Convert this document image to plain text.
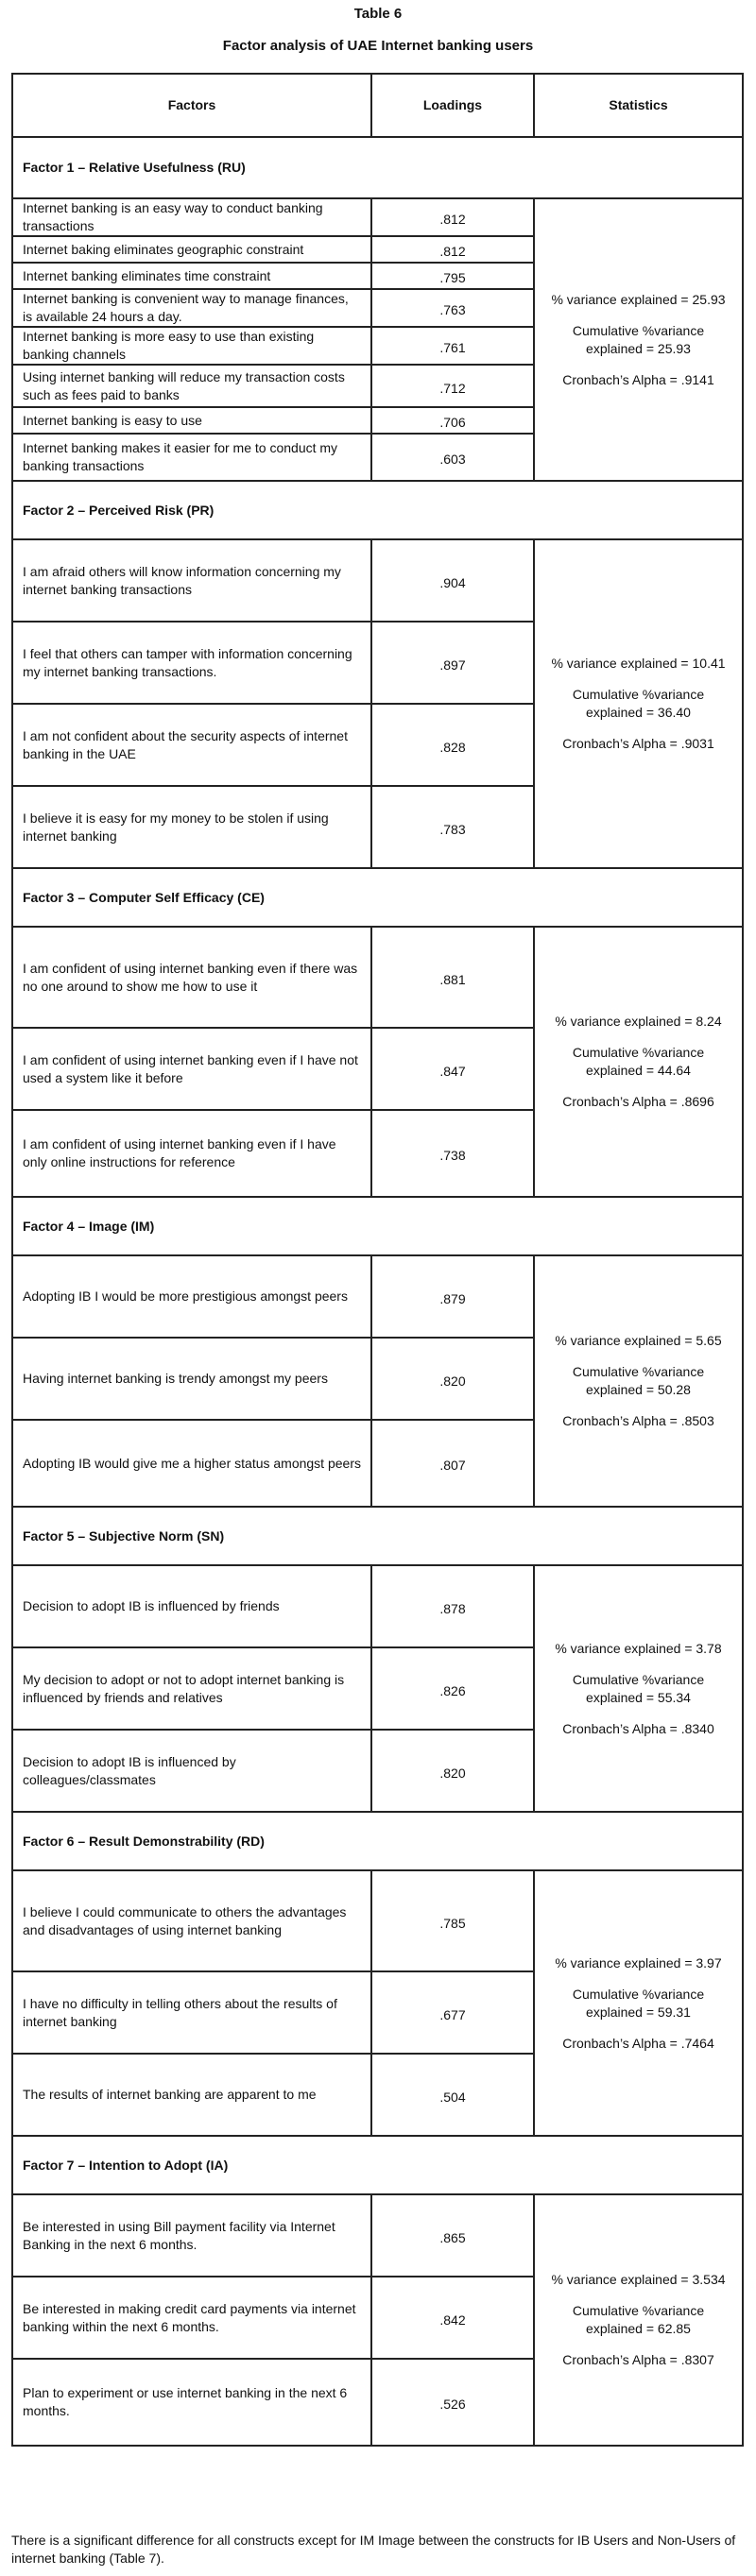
Table 6
Factor analysis of UAE Internet banking users
Factors	Loadings	Statistics
Factor 1 – Relative Usefulness (RU)		
Internet banking is an easy way to conduct banking transactions	.812	% variance explained = 25.93

Cumulative %variance explained = 25.93

Cronbach’s Alpha = .9141

Internet baking eliminates geographic constraint	.812	
Internet banking eliminates time constraint	.795	
Internet banking is convenient way to manage finances, is available 24 hours a day.	.763	
Internet banking is more easy to use than existing banking channels	.761	
Using internet banking will reduce my transaction costs such as fees paid to banks	.712	
Internet banking is easy to use	.706	
Internet banking makes it easier for me to conduct my banking transactions	.603	
Factor 2 – Perceived Risk (PR)		
I am afraid others will know information concerning my internet banking transactions	.904	% variance explained = 10.41

Cumulative %variance explained = 36.40

Cronbach’s Alpha = .9031

I feel that others can tamper with information concerning my internet banking transactions.	.897	
I am not confident about the security aspects of internet banking in the UAE	.828	
I believe it is easy for my money to be stolen if using internet banking	.783	
Factor 3 – Computer Self Efficacy (CE)		
I am confident of using internet banking even if there was no one around to show me how to use it	.881	% variance explained = 8.24

Cumulative %variance explained = 44.64

Cronbach’s Alpha = .8696

I am confident of using internet banking even if I have not used a system like it before	.847	
I am confident of using internet banking even if I have only online instructions for reference	.738	
Factor 4 – Image (IM)		
Adopting IB I would be more prestigious amongst peers	.879	% variance explained = 5.65

Cumulative %variance explained = 50.28

Cronbach’s Alpha = .8503

Having internet banking is trendy amongst my peers	.820	
Adopting IB would give me a higher status amongst peers	.807	
Factor 5 – Subjective Norm (SN)		
Decision to adopt IB is influenced by friends	.878	% variance explained = 3.78

Cumulative %variance explained = 55.34

Cronbach’s Alpha = .8340

My decision to adopt or not to adopt internet banking is influenced by friends and relatives	.826	
Decision to adopt IB is influenced by colleagues/classmates	.820	
Factor 6 – Result Demonstrability (RD)		
I believe I could communicate to others the advantages and disadvantages of using internet banking	.785	% variance explained = 3.97

Cumulative %variance explained = 59.31

Cronbach’s Alpha = .7464

I have no difficulty in telling others about the results of internet banking	.677	
The results of internet banking are apparent to me	.504	
Factor 7 – Intention to Adopt (IA)		
Be interested in using Bill payment facility via Internet Banking in the next 6 months.	.865	% variance explained = 3.534

Cumulative %variance explained = 62.85

Cronbach’s Alpha = .8307

Be interested in making credit card payments via internet banking within the next 6 months.	.842	
Plan to experiment or use internet banking in the next 6 months.	.526	
There is a significant difference for all constructs except for IM Image between the constructs for IB Users and Non-Users of internet banking (Table 7).
